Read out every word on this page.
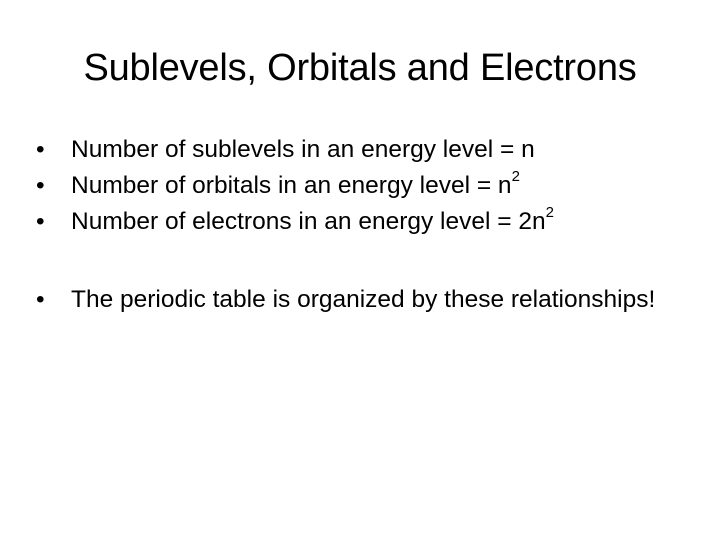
Sublevels, Orbitals and Electrons
• Number of sublevels in an energy level = n
• Number of orbitals in an energy level = $n^2$
• Number of electrons in an energy level = $2n^2$
• The periodic table is organized by these relationships!
